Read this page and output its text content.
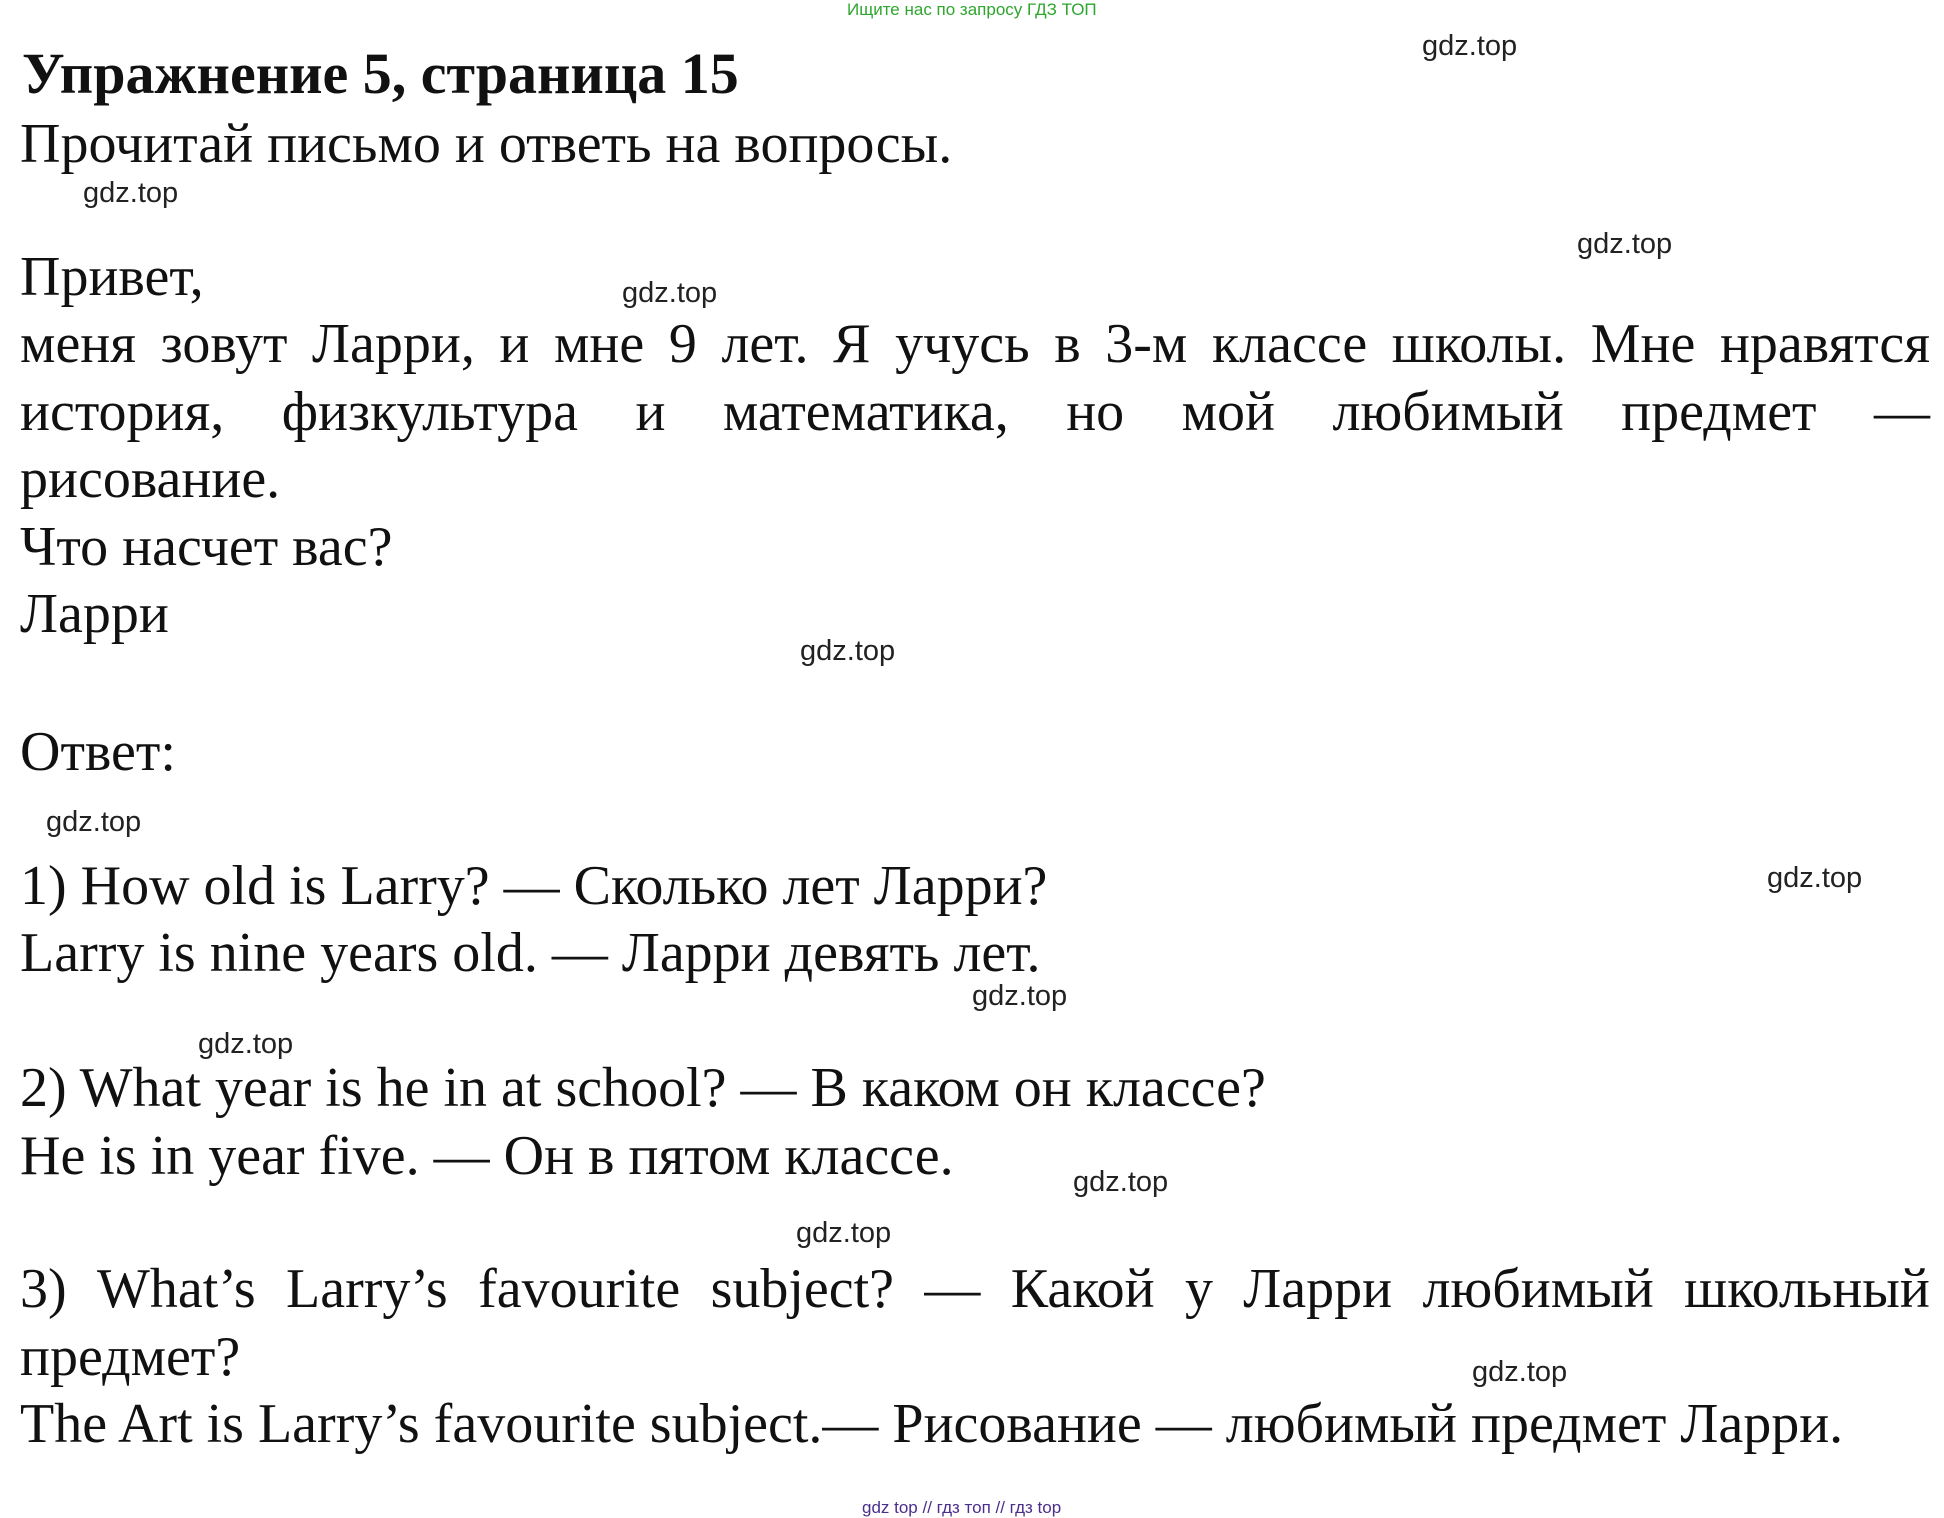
Ищите нас по запросу ГДЗ ТОП
Упражнение 5, страница 15
Прочитай письмо и ответь на вопросы.
Привет,
меня зовут Ларри, и мне 9 лет. Я учусь в 3-м классе школы. Мне нравятся
история, физкультура и математика, но мой любимый предмет —
рисование.
Что насчет вас?
Ларри
Ответ:
1) How old is Larry? — Сколько лет Ларри?
Larry is nine years old. — Ларри девять лет.
2) What year is he in at school? — В каком он классе?
He is in year five. — Он в пятом классе.
3) What’s Larry’s favourite subject? — Какой у Ларри любимый школьный
предмет?
The Art is Larry’s favourite subject.— Рисование — любимый предмет Ларри.
gdz.top
gdz.top
gdz.top
gdz.top
gdz.top
gdz.top
gdz.top
gdz.top
gdz.top
gdz.top
gdz.top
gdz.top
gdz top // гдз топ // гдз top
